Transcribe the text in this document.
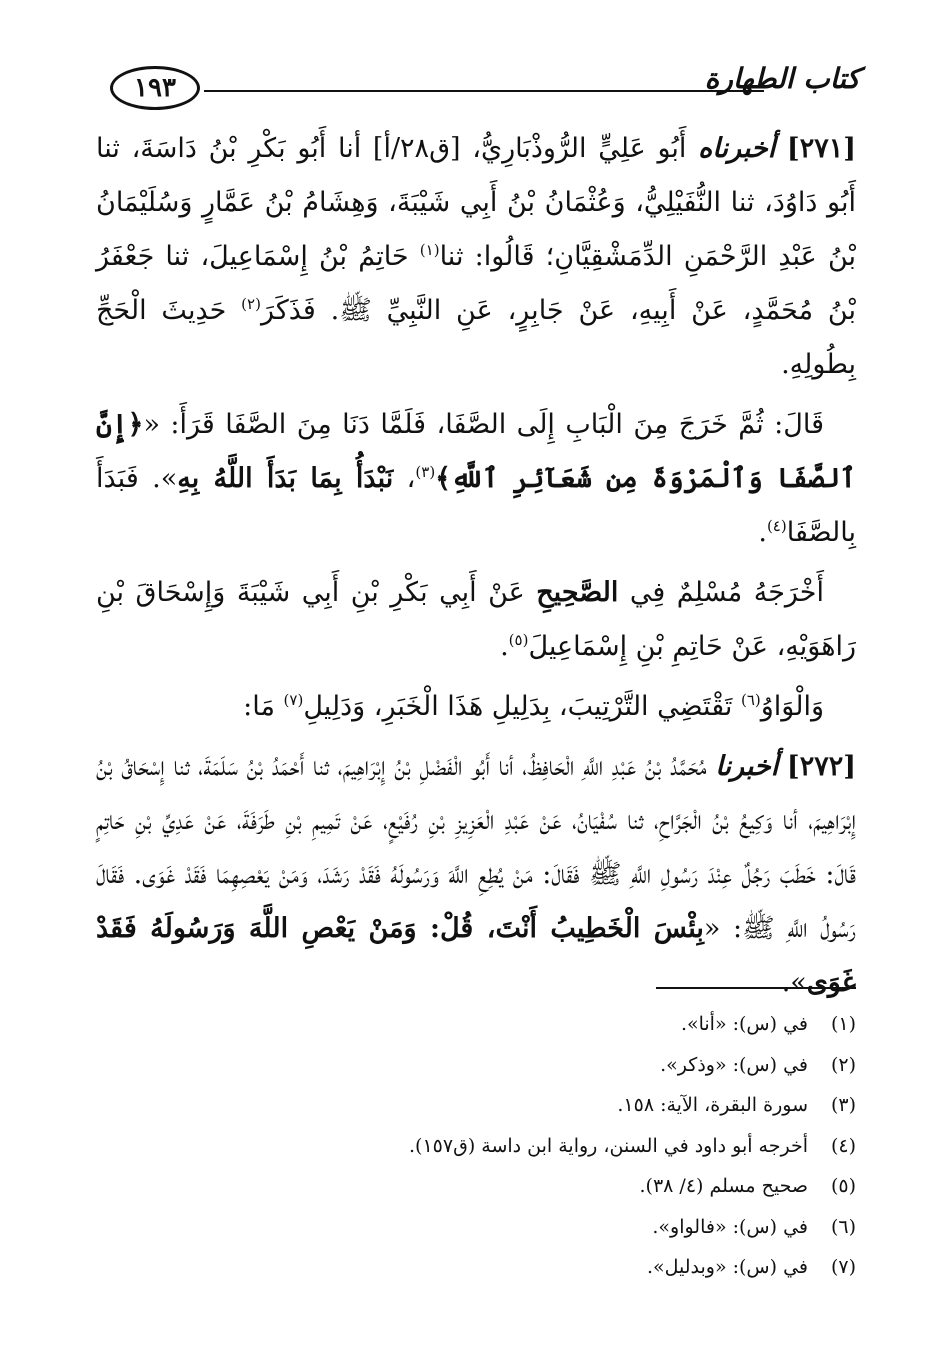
١٩٣	كتاب الطهارة

[٢٧١] أخبرناه أَبُو عَلِيٍّ الرُّوذْبَارِيُّ، [ق٢٨/أ] أنا أَبُو بَكْرِ بْنُ دَاسَةَ، ثنا أَبُو دَاوُدَ، ثنا النُّفَيْلِيُّ، وَعُثْمَانُ بْنُ أَبِي شَيْبَةَ، وَهِشَامُ بْنُ عَمَّارٍ وَسُلَيْمَانُ بْنُ عَبْدِ الرَّحْمَنِ الدِّمَشْقِيَّانِ؛ قَالُوا: ثنا$^{(١)}$ حَاتِمُ بْنُ إِسْمَاعِيلَ، ثنا جَعْفَرُ بْنُ مُحَمَّدٍ، عَنْ أَبِيهِ، عَنْ جَابِرٍ، عَنِ النَّبِيِّ ﷺ. فَذَكَرَ$^{(٢)}$ حَدِيثَ الْحَجِّ بِطُولِهِ.

قَالَ: ثُمَّ خَرَجَ مِنَ الْبَابِ إِلَى الصَّفَا، فَلَمَّا دَنَا مِنَ الصَّفَا قَرَأَ: «﴿إِنَّ ٱلصَّفَا وَٱلْمَرْوَةَ مِن شَعَآئِرِ ٱللَّهِ﴾$^{(٣)}$، نَبْدَأُ بِمَا بَدَأَ اللَّهُ بِهِ». فَبَدَأَ بِالصَّفَا$^{(٤)}$.

أَخْرَجَهُ مُسْلِمٌ فِي الصَّحِيحِ عَنْ أَبِي بَكْرِ بْنِ أَبِي شَيْبَةَ وَإِسْحَاقَ بْنِ رَاهَوَيْهِ، عَنْ حَاتِمِ بْنِ إِسْمَاعِيلَ$^{(٥)}$.

وَالْوَاوُ$^{(٦)}$ تَقْتَضِي التَّرْتِيبَ، بِدَلِيلِ هَذَا الْخَبَرِ، وَدَلِيلِ$^{(٧)}$ مَا:

[٢٧٢] أخبرنا مُحَمَّدُ بْنُ عَبْدِ اللَّهِ الْحَافِظُ، أنا أَبُو الْفَضْلِ بْنُ إِبْرَاهِيمَ، ثنا أَحْمَدُ بْنُ سَلَمَةَ، ثنا إِسْحَاقُ بْنُ إِبْرَاهِيمَ، أنا وَكِيعُ بْنُ الْجَرَّاحِ، ثنا سُفْيَانُ، عَنْ عَبْدِ الْعَزِيزِ بْنِ رُفَيْعٍ، عَنْ تَمِيمِ بْنِ طَرَفَةَ، عَنْ عَدِيِّ بْنِ حَاتِمٍ قَالَ: خَطَبَ رَجُلٌ عِنْدَ رَسُولِ اللَّهِ ﷺ فَقَالَ: مَنْ يُطِعِ اللَّهَ وَرَسُولَهُ فَقَدْ رَشَدَ، وَمَنْ يَعْصِهِمَا فَقَدْ غَوَى. فَقَالَ رَسُولُ اللَّهِ ﷺ: «بِئْسَ الْخَطِيبُ أَنْتَ، قُلْ: وَمَنْ يَعْصِ اللَّهَ وَرَسُولَهُ فَقَدْ غَوَى».

(١)
في (س): «أنا».
(٢)
في (س): «وذكر».
(٣)
سورة البقرة، الآية: ١٥٨.
(٤)
أخرجه أبو داود في السنن، رواية ابن داسة (ق١٥٧).
(٥)
صحيح مسلم (٤/ ٣٨).
(٦)
في (س): «فالواو».
(٧)
في (س): «وبدليل».
